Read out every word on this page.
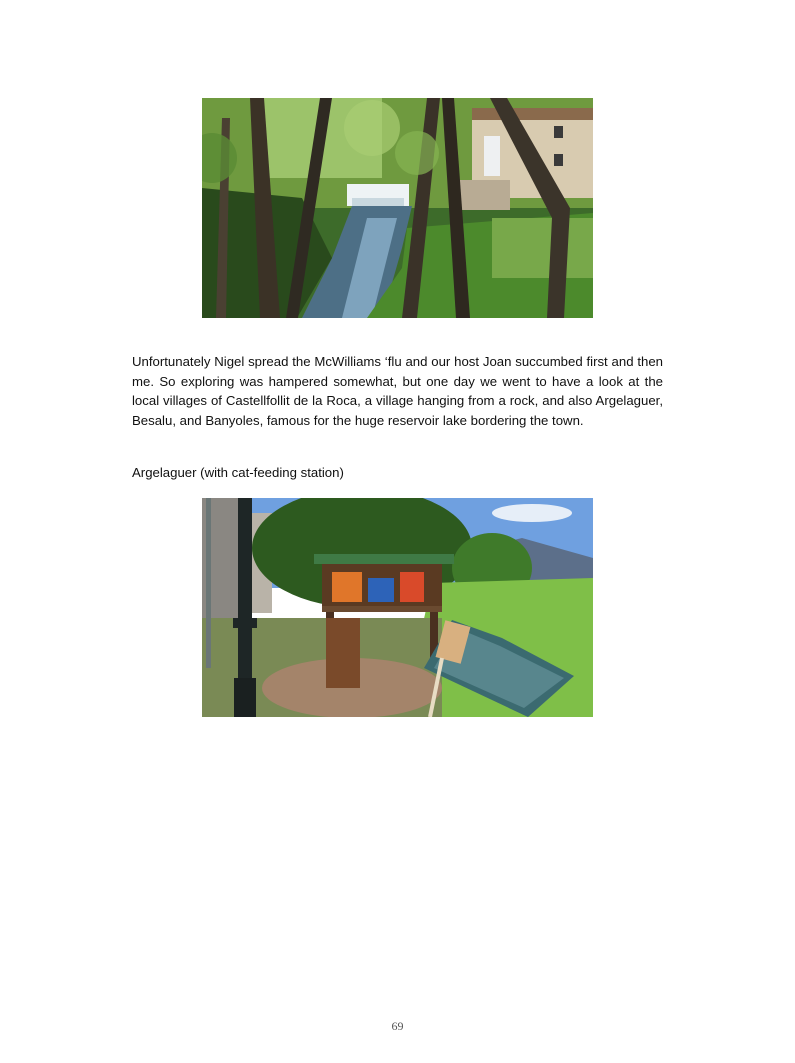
Unfortunately Nigel spread the McWilliams ‘flu and our host Joan succumbed first and then me. So exploring was hampered somewhat, but one day we went to have a look at the local villages of Castellfollit de la Roca, a village hanging from a rock, and also Argelaguer, Besalu, and Banyoles, famous for the huge reservoir lake bordering the town.

Argelaguer (with cat-feeding station)

69
